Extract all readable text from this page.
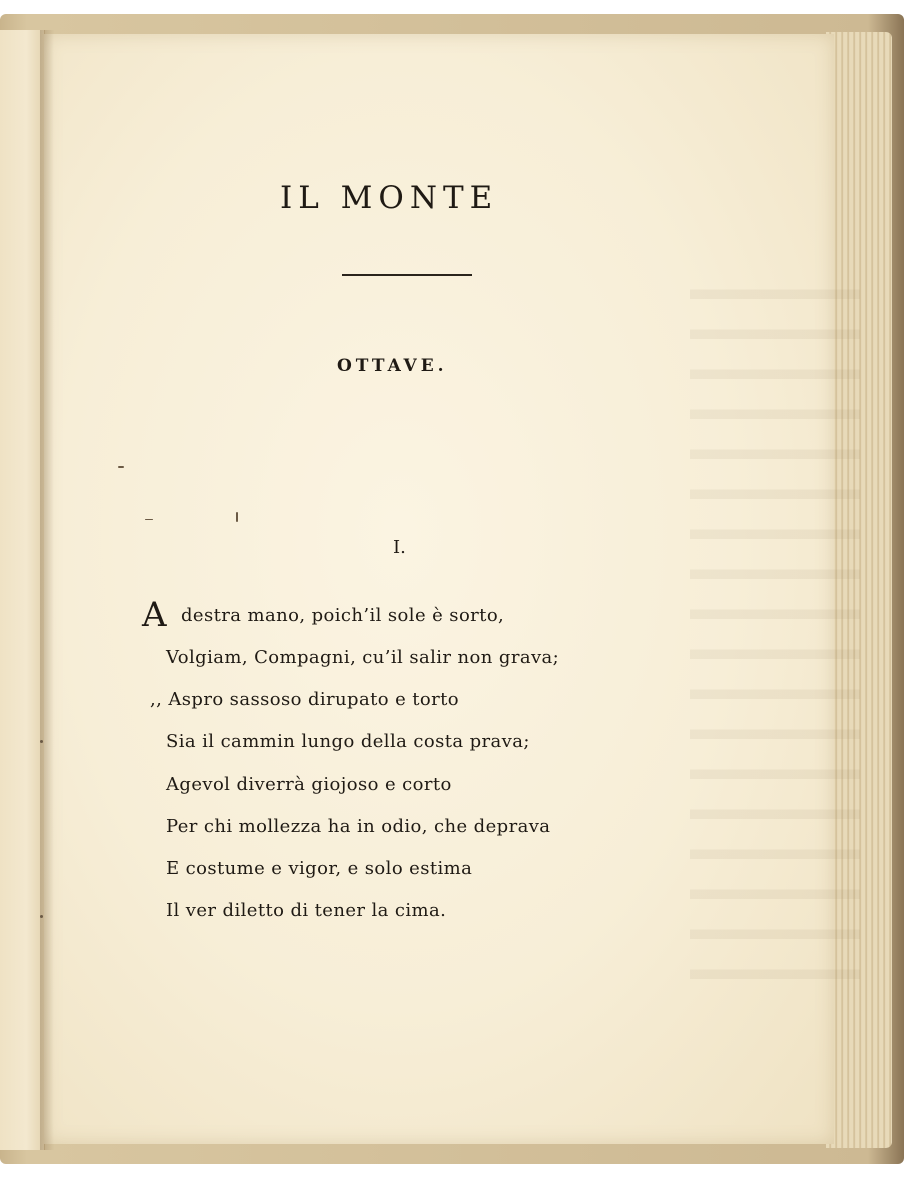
IL MONTE
OTTAVE.
I.
A destra mano, poich’il sole è sorto,
Volgiam, Compagni, cu’il salir non grava;
,, Aspro sassoso dirupato e torto
Sia il cammin lungo della costa prava;
Agevol diverrà giojoso e corto
Per chi mollezza ha in odio, che deprava
E costume e vigor, e solo estima
Il ver diletto di tener la cima.
